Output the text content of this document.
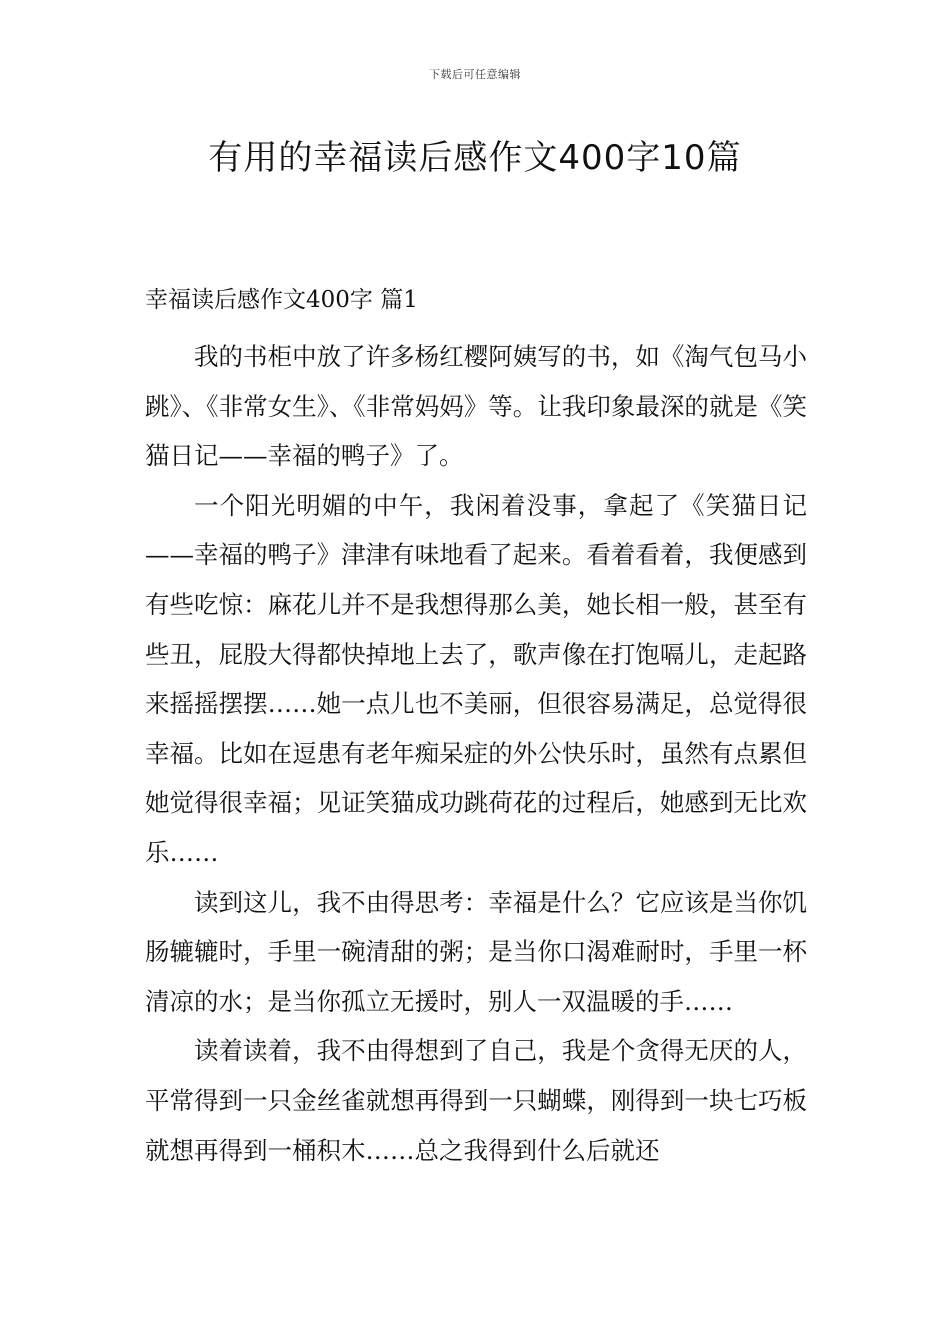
下载后可任意编辑
有用的幸福读后感作文400字10篇
幸福读后感作文400字 篇1

我的书柜中放了许多杨红樱阿姨写的书，如《淘气包马小跳》、《非常女生》、《非常妈妈》等。让我印象最深的就是《笑猫日记——幸福的鸭子》了。

一个阳光明媚的中午，我闲着没事，拿起了《笑猫日记——幸福的鸭子》津津有味地看了起来。看着看着，我便感到有些吃惊：麻花儿并不是我想得那么美，她长相一般，甚至有些丑，屁股大得都快掉地上去了，歌声像在打饱嗝儿，走起路来摇摇摆摆……她一点儿也不美丽，但很容易满足，总觉得很幸福。比如在逗患有老年痴呆症的外公快乐时，虽然有点累但她觉得很幸福；见证笑猫成功跳荷花的过程后，她感到无比欢乐……

读到这儿，我不由得思考：幸福是什么？它应该是当你饥肠辘辘时，手里一碗清甜的粥；是当你口渴难耐时，手里一杯清凉的水；是当你孤立无援时，别人一双温暖的手……

读着读着，我不由得想到了自己，我是个贪得无厌的人，平常得到一只金丝雀就想再得到一只蝴蝶，刚得到一块七巧板就想再得到一桶积木……总之我得到什么后就还
